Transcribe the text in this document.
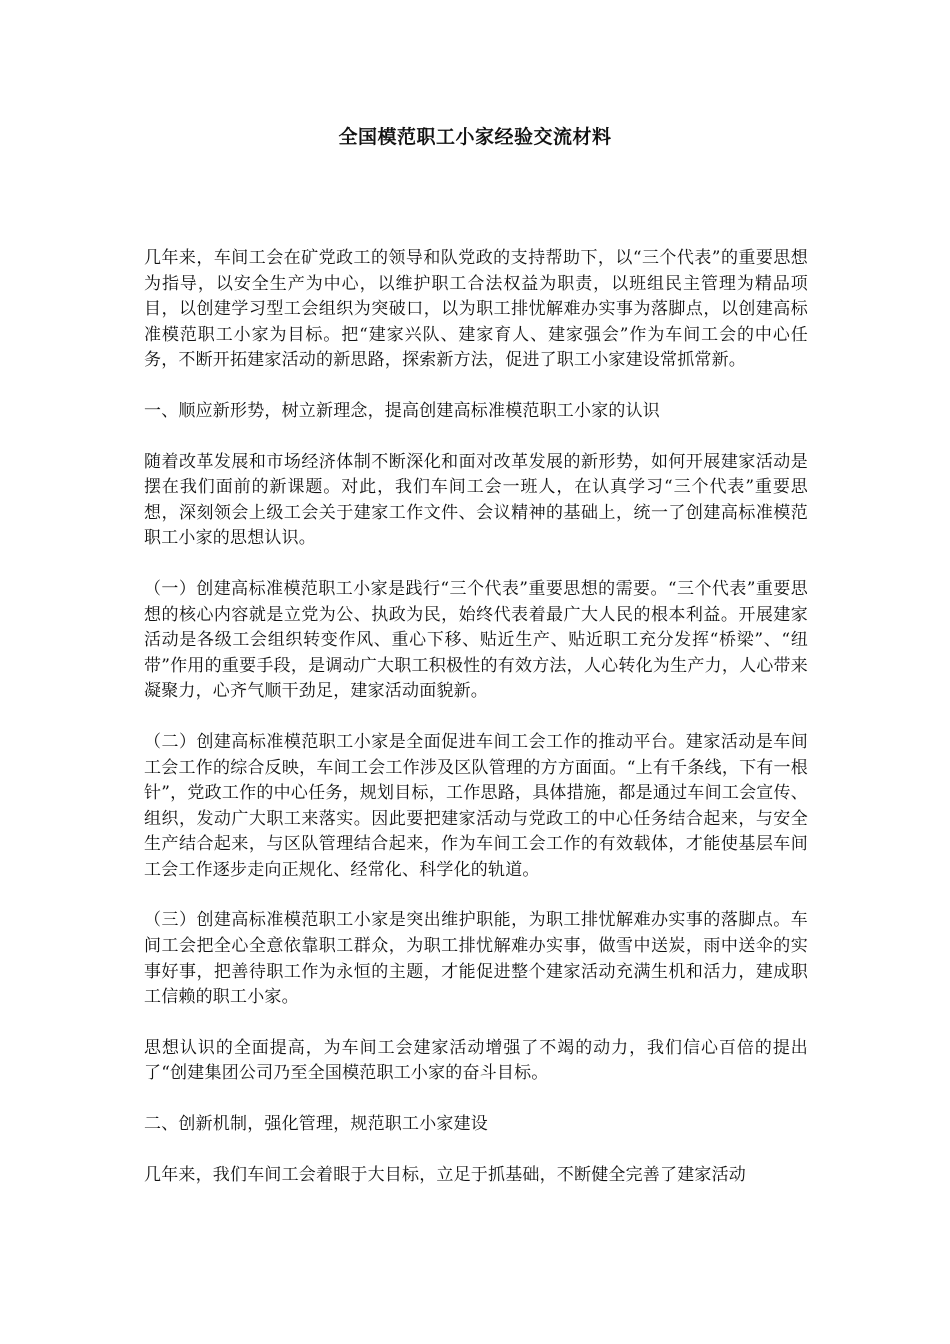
全国模范职工小家经验交流材料

几年来，车间工会在矿党政工的领导和队党政的支持帮助下，以“三个代表”的重要思想为指导，以安全生产为中心，以维护职工合法权益为职责，以班组民主管理为精品项目，以创建学习型工会组织为突破口，以为职工排忧解难办实事为落脚点，以创建高标准模范职工小家为目标。把“建家兴队、建家育人、建家强会”作为车间工会的中心任务，不断开拓建家活动的新思路，探索新方法，促进了职工小家建设常抓常新。

一、顺应新形势，树立新理念，提高创建高标准模范职工小家的认识

随着改革发展和市场经济体制不断深化和面对改革发展的新形势，如何开展建家活动是摆在我们面前的新课题。对此，我们车间工会一班人，在认真学习“三个代表”重要思想，深刻领会上级工会关于建家工作文件、会议精神的基础上，统一了创建高标准模范职工小家的思想认识。

（一）创建高标准模范职工小家是践行“三个代表”重要思想的需要。“三个代表”重要思想的核心内容就是立党为公、执政为民，始终代表着最广大人民的根本利益。开展建家活动是各级工会组织转变作风、重心下移、贴近生产、贴近职工充分发挥“桥梁”、“纽带”作用的重要手段，是调动广大职工积极性的有效方法，人心转化为生产力，人心带来凝聚力，心齐气顺干劲足，建家活动面貌新。

（二）创建高标准模范职工小家是全面促进车间工会工作的推动平台。建家活动是车间工会工作的综合反映，车间工会工作涉及区队管理的方方面面。“上有千条线，下有一根针”，党政工作的中心任务，规划目标，工作思路，具体措施，都是通过车间工会宣传、组织，发动广大职工来落实。因此要把建家活动与党政工的中心任务结合起来，与安全生产结合起来，与区队管理结合起来，作为车间工会工作的有效载体，才能使基层车间工会工作逐步走向正规化、经常化、科学化的轨道。

（三）创建高标准模范职工小家是突出维护职能，为职工排忧解难办实事的落脚点。车间工会把全心全意依靠职工群众，为职工排忧解难办实事，做雪中送炭，雨中送伞的实事好事，把善待职工作为永恒的主题，才能促进整个建家活动充满生机和活力，建成职工信赖的职工小家。

思想认识的全面提高，为车间工会建家活动增强了不竭的动力，我们信心百倍的提出了“创建集团公司乃至全国模范职工小家的奋斗目标。

二、创新机制，强化管理，规范职工小家建设

几年来，我们车间工会着眼于大目标，立足于抓基础，不断健全完善了建家活动
